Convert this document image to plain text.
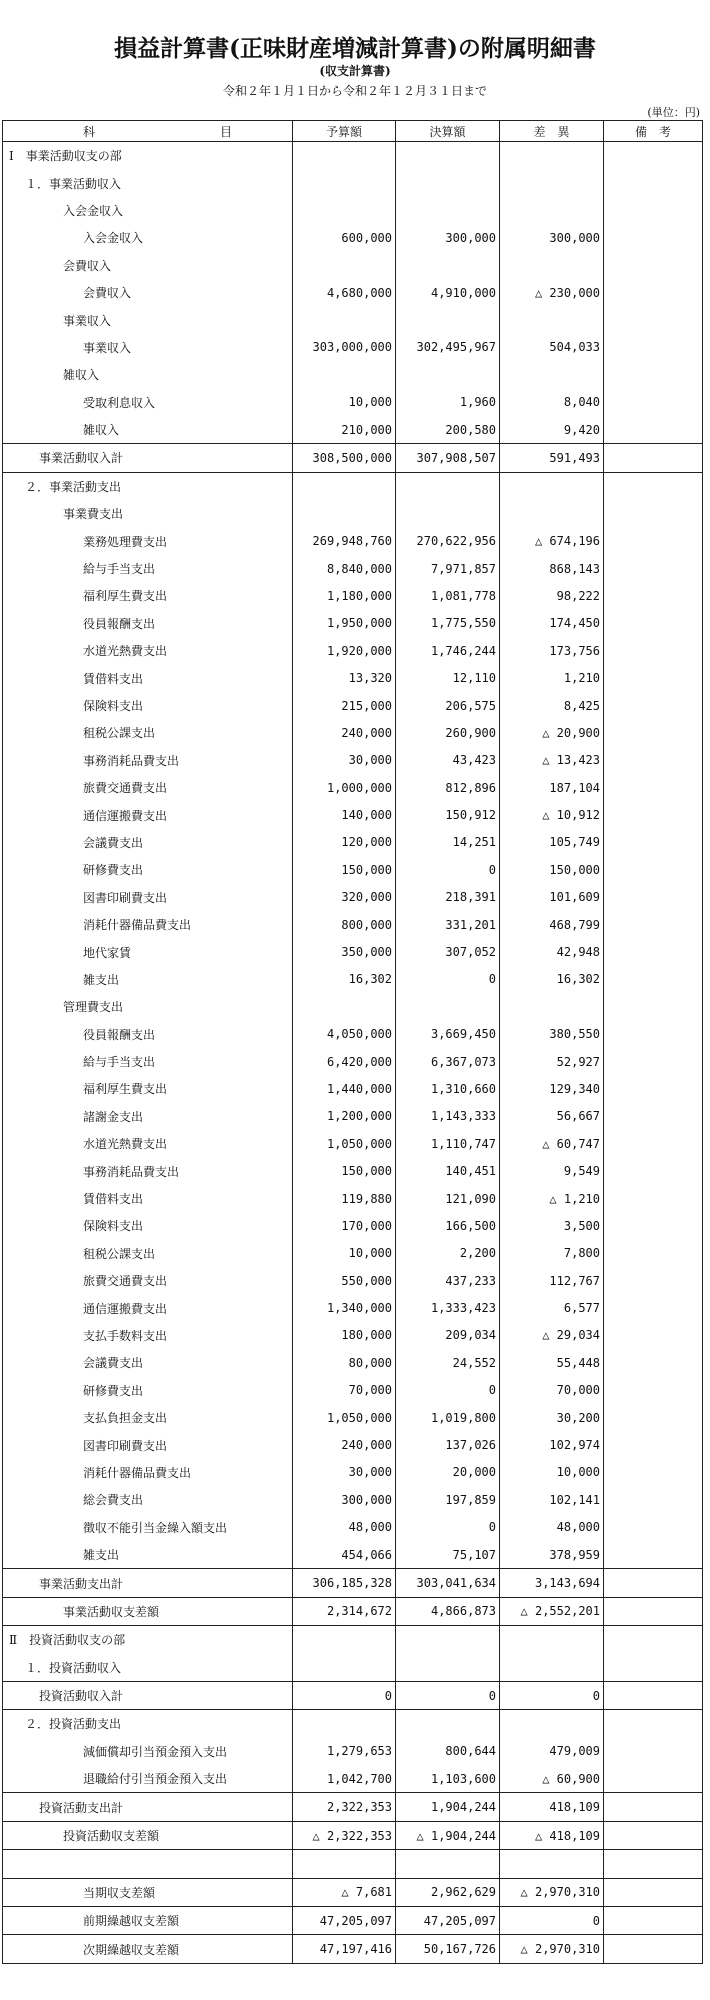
損益計算書(正味財産増減計算書)の附属明細書
(収支計算書)
令和２年１月１日から令和２年１２月３１日まで
(単位：円)
科 目	予算額	決算額	差　異	備　考
Ⅰ　事業活動収支の部				
１．事業活動収入				
入会金収入				
入会金収入	600,000	300,000	300,000	
会費収入				
会費収入	4,680,000	4,910,000	△ 230,000	
事業収入				
事業収入	303,000,000	302,495,967	504,033	
雑収入				
受取利息収入	10,000	1,960	8,040	
雑収入	210,000	200,580	9,420	
事業活動収入計	308,500,000	307,908,507	591,493	
２．事業活動支出				
事業費支出				
業務処理費支出	269,948,760	270,622,956	△ 674,196	
給与手当支出	8,840,000	7,971,857	868,143	
福利厚生費支出	1,180,000	1,081,778	98,222	
役員報酬支出	1,950,000	1,775,550	174,450	
水道光熱費支出	1,920,000	1,746,244	173,756	
賃借料支出	13,320	12,110	1,210	
保険料支出	215,000	206,575	8,425	
租税公課支出	240,000	260,900	△ 20,900	
事務消耗品費支出	30,000	43,423	△ 13,423	
旅費交通費支出	1,000,000	812,896	187,104	
通信運搬費支出	140,000	150,912	△ 10,912	
会議費支出	120,000	14,251	105,749	
研修費支出	150,000	0	150,000	
図書印刷費支出	320,000	218,391	101,609	
消耗什器備品費支出	800,000	331,201	468,799	
地代家賃	350,000	307,052	42,948	
雑支出	16,302	0	16,302	
管理費支出				
役員報酬支出	4,050,000	3,669,450	380,550	
給与手当支出	6,420,000	6,367,073	52,927	
福利厚生費支出	1,440,000	1,310,660	129,340	
諸謝金支出	1,200,000	1,143,333	56,667	
水道光熱費支出	1,050,000	1,110,747	△ 60,747	
事務消耗品費支出	150,000	140,451	9,549	
賃借料支出	119,880	121,090	△ 1,210	
保険料支出	170,000	166,500	3,500	
租税公課支出	10,000	2,200	7,800	
旅費交通費支出	550,000	437,233	112,767	
通信運搬費支出	1,340,000	1,333,423	6,577	
支払手数料支出	180,000	209,034	△ 29,034	
会議費支出	80,000	24,552	55,448	
研修費支出	70,000	0	70,000	
支払負担金支出	1,050,000	1,019,800	30,200	
図書印刷費支出	240,000	137,026	102,974	
消耗什器備品費支出	30,000	20,000	10,000	
総会費支出	300,000	197,859	102,141	
徴収不能引当金繰入額支出	48,000	0	48,000	
雑支出	454,066	75,107	378,959	
事業活動支出計	306,185,328	303,041,634	3,143,694	
事業活動収支差額	2,314,672	4,866,873	△ 2,552,201	
Ⅱ　投資活動収支の部				
１．投資活動収入				
投資活動収入計	0	0	0	
２．投資活動支出				
減価償却引当預金預入支出	1,279,653	800,644	479,009	
退職給付引当預金預入支出	1,042,700	1,103,600	△ 60,900	
投資活動支出計	2,322,353	1,904,244	418,109	
投資活動収支差額	△ 2,322,353	△ 1,904,244	△ 418,109	

当期収支差額	△ 7,681	2,962,629	△ 2,970,310	
前期繰越収支差額	47,205,097	47,205,097	0	
次期繰越収支差額	47,197,416	50,167,726	△ 2,970,310	
